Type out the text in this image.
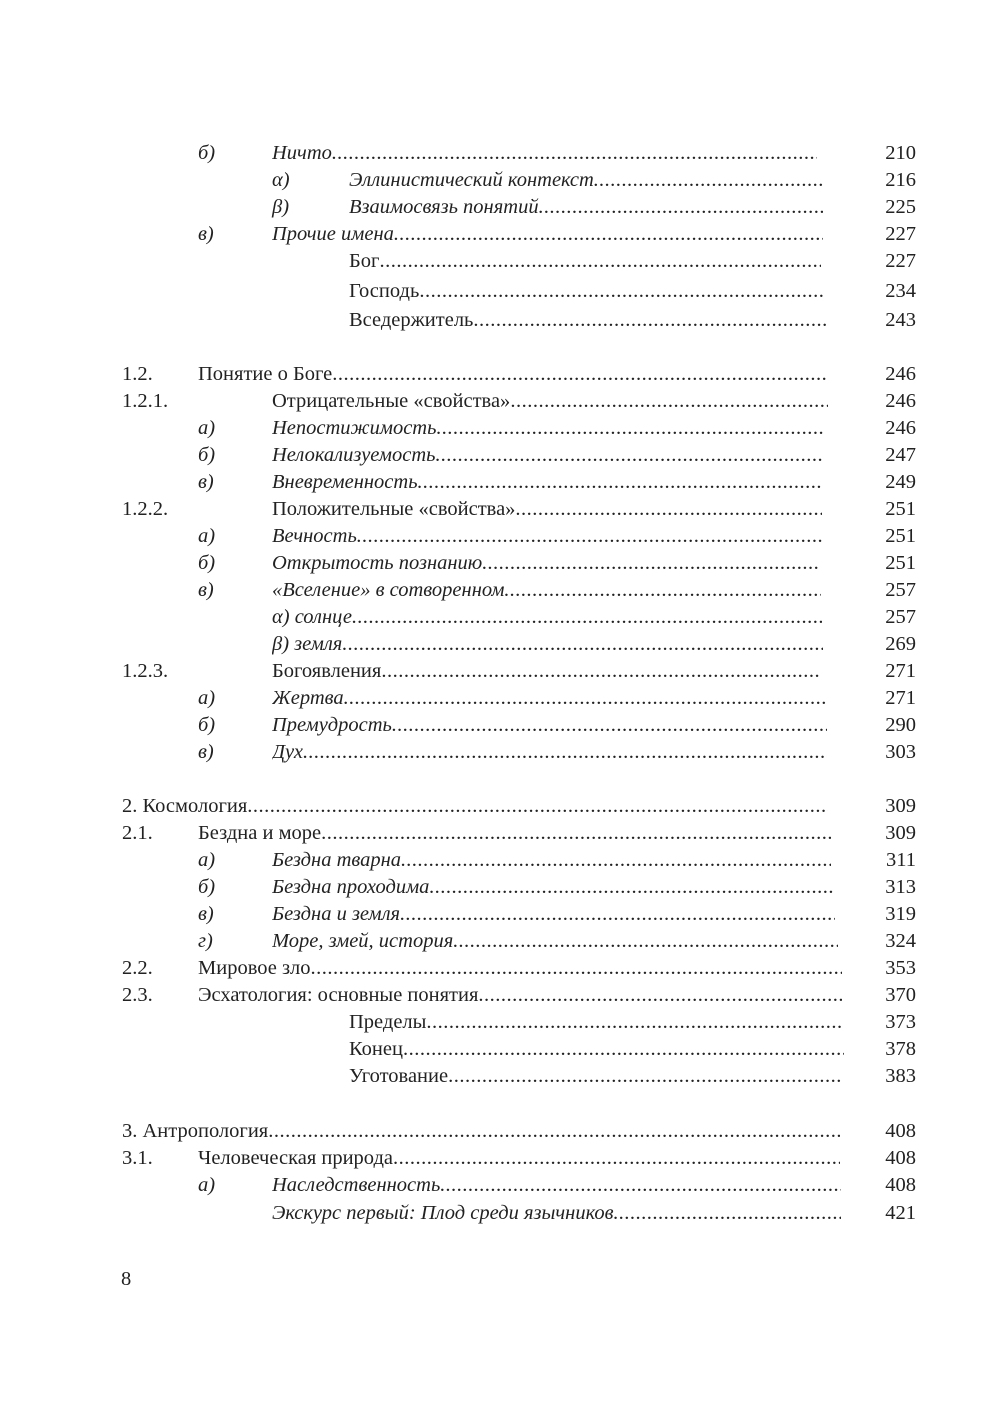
б)	Ничто .....	210
α)	Эллинистический контекст .....	216
β)	Взаимосвязь понятий .....	225
в)	Прочие имена .....	227
Бог .....	227
Господь .....	234
Вседержитель .....	243
1.2. Понятие о Боге .....	246
1.2.1.	Отрицательные «свойства» .....	246
а)	Непостижимость .....	246
б)	Нелокализуемость .....	247
в)	Вневременность .....	249
1.2.2.	Положительные «свойства» .....	251
а)	Вечность .....	251
б)	Открытость познанию .....	251
в)	«Вселение» в сотворенном .....	257
α) солнце .....	257
β) земля .....	269
1.2.3.	Богоявления .....	271
а)	Жертва .....	271
б)	Премудрость .....	290
в)	Дух .....	303
2. Космология .....	309
2.1. Бездна и море .....	309
а)	Бездна тварна .....	311
б)	Бездна проходима .....	313
в)	Бездна и земля .....	319
г)	Море, змей, история .....	324
2.2. Мировое зло .....	353
2.3. Эсхатология: основные понятия .....	370
Пределы .....	373
Конец .....	378
Уготование .....	383
3. Антропология .....	408
3.1. Человеческая природа .....	408
а)	Наследственность .....	408
Экскурс первый: Плод среди язычников .....	421
8
